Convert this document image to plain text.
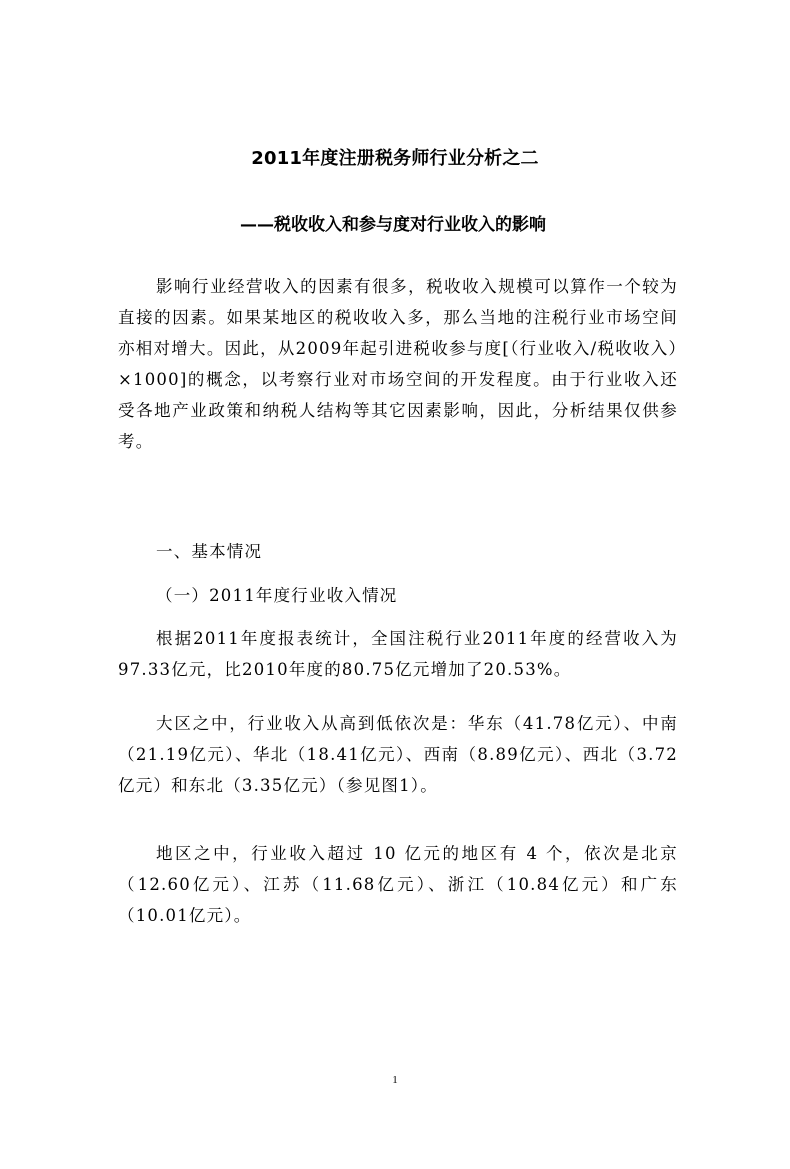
2011年度注册税务师行业分析之二
——税收收入和参与度对行业收入的影响

影响行业经营收入的因素有很多，税收收入规模可以算作一个较为直接的因素。如果某地区的税收收入多，那么当地的注税行业市场空间亦相对增大。因此，从2009年起引进税收参与度[（行业收入/税收收入）×1000]的概念，以考察行业对市场空间的开发程度。由于行业收入还受各地产业政策和纳税人结构等其它因素影响，因此，分析结果仅供参考。

一、基本情况

（一）2011年度行业收入情况

根据2011年度报表统计，全国注税行业2011年度的经营收入为97.33亿元，比2010年度的80.75亿元增加了20.53%。

大区之中，行业收入从高到低依次是：华东（41.78亿元）、中南（21.19亿元）、华北（18.41亿元）、西南（8.89亿元）、西北（3.72亿元）和东北（3.35亿元）（参见图1）。

地区之中，行业收入超过 10 亿元的地区有 4 个，依次是北京（12.60亿元）、江苏（11.68亿元）、浙江（10.84亿元）和广东（10.01亿元）。

1
